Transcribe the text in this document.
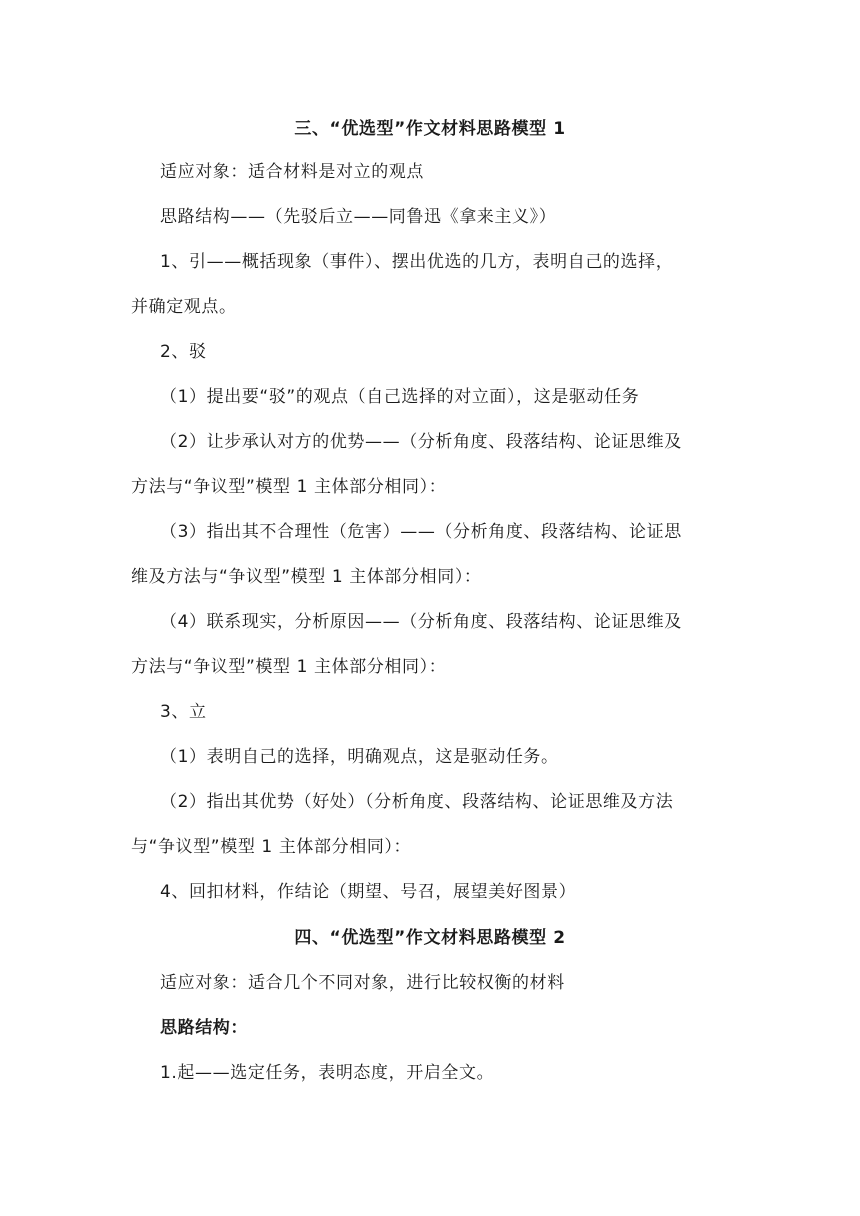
三、“优选型”作文材料思路模型 1
适应对象：适合材料是对立的观点
思路结构——（先驳后立——同鲁迅《拿来主义》）
1、引——概括现象（事件）、摆出优选的几方，表明自己的选择，
并确定观点。
2、驳
（1）提出要“驳”的观点（自己选择的对立面），这是驱动任务
（2）让步承认对方的优势——（分析角度、段落结构、论证思维及
方法与“争议型”模型 1 主体部分相同）：
（3）指出其不合理性（危害）——（分析角度、段落结构、论证思
维及方法与“争议型”模型 1 主体部分相同）：
（4）联系现实，分析原因——（分析角度、段落结构、论证思维及
方法与“争议型”模型 1 主体部分相同）：
3、立
（1）表明自己的选择，明确观点，这是驱动任务。
（2）指出其优势（好处）（分析角度、段落结构、论证思维及方法
与“争议型”模型 1 主体部分相同）：
4、回扣材料，作结论（期望、号召，展望美好图景）
四、“优选型”作文材料思路模型 2
适应对象：适合几个不同对象，进行比较权衡的材料
思路结构：
1.起——选定任务，表明态度，开启全文。
